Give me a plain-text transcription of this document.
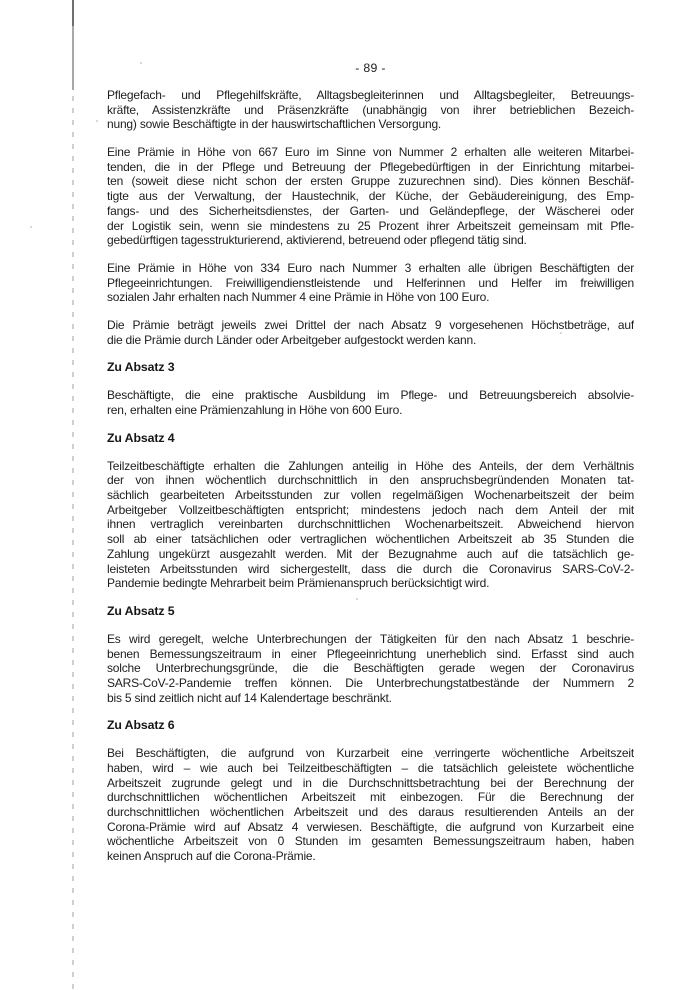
- 89 -
Pflegefach- und Pflegehilfskräfte, Alltagsbegleiterinnen und Alltagsbegleiter, Betreuungs-
kräfte, Assistenzkräfte und Präsenzkräfte (unabhängig von ihrer betrieblichen Bezeich-
nung) sowie Beschäftigte in der hauswirtschaftlichen Versorgung.
Eine Prämie in Höhe von 667 Euro im Sinne von Nummer 2 erhalten alle weiteren Mitarbei-
tenden, die in der Pflege und Betreuung der Pflegebedürftigen in der Einrichtung mitarbei-
ten (soweit diese nicht schon der ersten Gruppe zuzurechnen sind). Dies können Beschäf-
tigte aus der Verwaltung, der Haustechnik, der Küche, der Gebäudereinigung, des Emp-
fangs- und des Sicherheitsdienstes, der Garten- und Geländepflege, der Wäscherei oder
der Logistik sein, wenn sie mindestens zu 25 Prozent ihrer Arbeitszeit gemeinsam mit Pfle-
gebedürftigen tagesstrukturierend, aktivierend, betreuend oder pflegend tätig sind.
Eine Prämie in Höhe von 334 Euro nach Nummer 3 erhalten alle übrigen Beschäftigten der
Pflegeeinrichtungen. Freiwilligendienstleistende und Helferinnen und Helfer im freiwilligen
sozialen Jahr erhalten nach Nummer 4 eine Prämie in Höhe von 100 Euro.
Die Prämie beträgt jeweils zwei Drittel der nach Absatz 9 vorgesehenen Höchstbeträge, auf
die die Prämie durch Länder oder Arbeitgeber aufgestockt werden kann.
Zu Absatz 3
Beschäftigte, die eine praktische Ausbildung im Pflege- und Betreuungsbereich absolvie-
ren, erhalten eine Prämienzahlung in Höhe von 600 Euro.
Zu Absatz 4
Teilzeitbeschäftigte erhalten die Zahlungen anteilig in Höhe des Anteils, der dem Verhältnis
der von ihnen wöchentlich durchschnittlich in den anspruchsbegründenden Monaten tat-
sächlich gearbeiteten Arbeitsstunden zur vollen regelmäßigen Wochenarbeitszeit der beim
Arbeitgeber Vollzeitbeschäftigten entspricht; mindestens jedoch nach dem Anteil der mit
ihnen vertraglich vereinbarten durchschnittlichen Wochenarbeitszeit. Abweichend hiervon
soll ab einer tatsächlichen oder vertraglichen wöchentlichen Arbeitszeit ab 35 Stunden die
Zahlung ungekürzt ausgezahlt werden. Mit der Bezugnahme auch auf die tatsächlich ge-
leisteten Arbeitsstunden wird sichergestellt, dass die durch die Coronavirus SARS-CoV-2-
Pandemie bedingte Mehrarbeit beim Prämienanspruch berücksichtigt wird.
Zu Absatz 5
Es wird geregelt, welche Unterbrechungen der Tätigkeiten für den nach Absatz 1 beschrie-
benen Bemessungszeitraum in einer Pflegeeinrichtung unerheblich sind. Erfasst sind auch
solche Unterbrechungsgründe, die die Beschäftigten gerade wegen der Coronavirus
SARS-CoV-2-Pandemie treffen können. Die Unterbrechungstatbestände der Nummern 2
bis 5 sind zeitlich nicht auf 14 Kalendertage beschränkt.
Zu Absatz 6
Bei Beschäftigten, die aufgrund von Kurzarbeit eine verringerte wöchentliche Arbeitszeit
haben, wird – wie auch bei Teilzeitbeschäftigten – die tatsächlich geleistete wöchentliche
Arbeitszeit zugrunde gelegt und in die Durchschnittsbetrachtung bei der Berechnung der
durchschnittlichen wöchentlichen Arbeitszeit mit einbezogen. Für die Berechnung der
durchschnittlichen wöchentlichen Arbeitszeit und des daraus resultierenden Anteils an der
Corona-Prämie wird auf Absatz 4 verwiesen. Beschäftigte, die aufgrund von Kurzarbeit eine
wöchentliche Arbeitszeit von 0 Stunden im gesamten Bemessungszeitraum haben, haben
keinen Anspruch auf die Corona-Prämie.
